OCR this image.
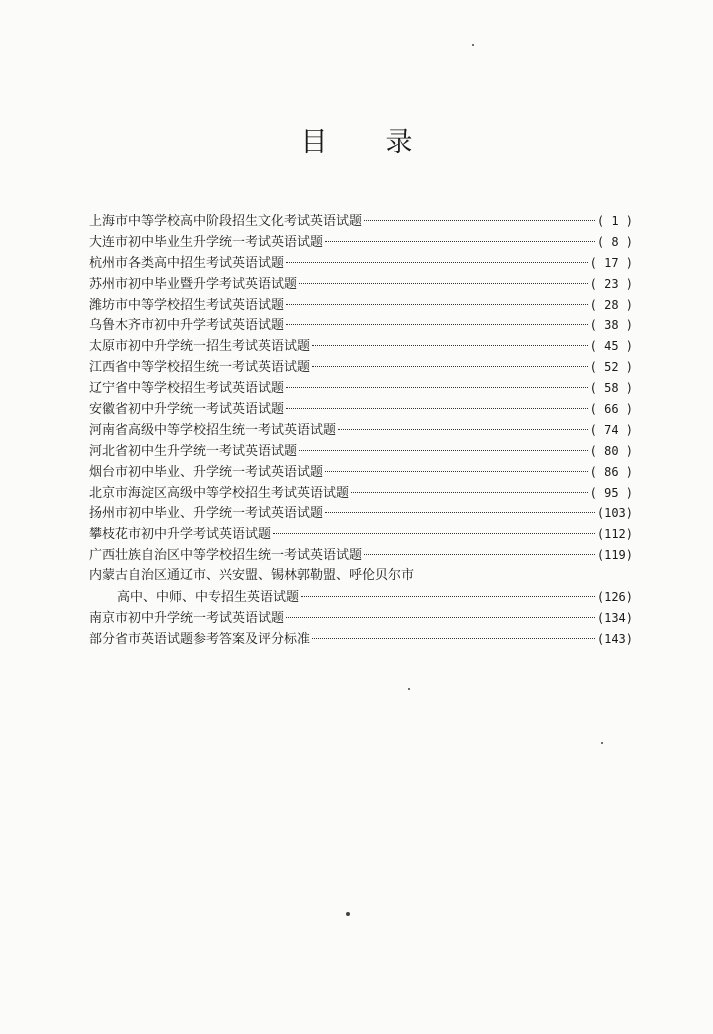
目 录
上海市中等学校高中阶段招生文化考试英语试题	( 1 )
大连市初中毕业生升学统一考试英语试题	( 8 )
杭州市各类高中招生考试英语试题	( 17 )
苏州市初中毕业暨升学考试英语试题	( 23 )
潍坊市中等学校招生考试英语试题	( 28 )
乌鲁木齐市初中升学考试英语试题	( 38 )
太原市初中升学统一招生考试英语试题	( 45 )
江西省中等学校招生统一考试英语试题	( 52 )
辽宁省中等学校招生考试英语试题	( 58 )
安徽省初中升学统一考试英语试题	( 66 )
河南省高级中等学校招生统一考试英语试题	( 74 )
河北省初中生升学统一考试英语试题	( 80 )
烟台市初中毕业、升学统一考试英语试题	( 86 )
北京市海淀区高级中等学校招生考试英语试题	( 95 )
扬州市初中毕业、升学统一考试英语试题	(103)
攀枝花市初中升学考试英语试题	(112)
广西壮族自治区中等学校招生统一考试英语试题	(119)
内蒙古自治区通辽市、兴安盟、锡林郭勒盟、呼伦贝尔市
高中、中师、中专招生英语试题	(126)
南京市初中升学统一考试英语试题	(134)
部分省市英语试题参考答案及评分标准	(143)
